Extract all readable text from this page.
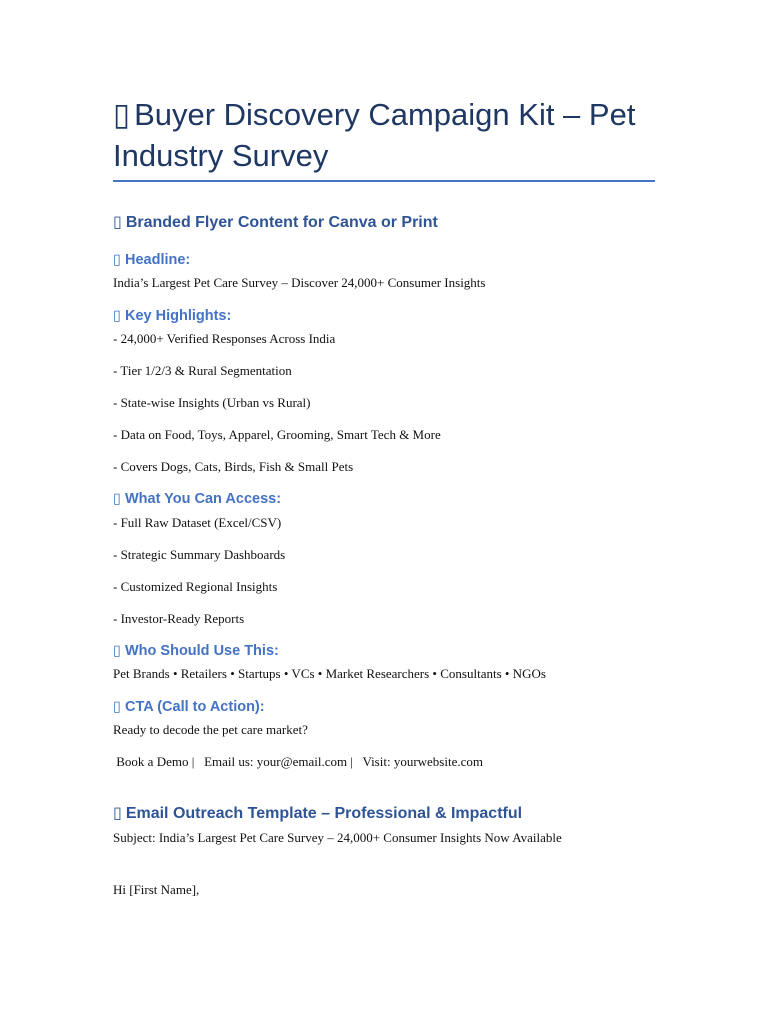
▯ Buyer Discovery Campaign Kit – Pet
Industry Survey
▯ Branded Flyer Content for Canva or Print
▯ Headline:
India’s Largest Pet Care Survey – Discover 24,000+ Consumer Insights
▯ Key Highlights:
- 24,000+ Verified Responses Across India
- Tier 1/2/3 & Rural Segmentation
- State-wise Insights (Urban vs Rural)
- Data on Food, Toys, Apparel, Grooming, Smart Tech & More
- Covers Dogs, Cats, Birds, Fish & Small Pets
▯ What You Can Access:
- Full Raw Dataset (Excel/CSV)
- Strategic Summary Dashboards
- Customized Regional Insights
- Investor-Ready Reports
▯ Who Should Use This:
Pet Brands • Retailers • Startups • VCs • Market Researchers • Consultants • NGOs
▯ CTA (Call to Action):
Ready to decode the pet care market?
Book a Demo |   Email us: your@email.com |   Visit: yourwebsite.com
▯ Email Outreach Template – Professional & Impactful
Subject: India’s Largest Pet Care Survey – 24,000+ Consumer Insights Now Available
Hi [First Name],
